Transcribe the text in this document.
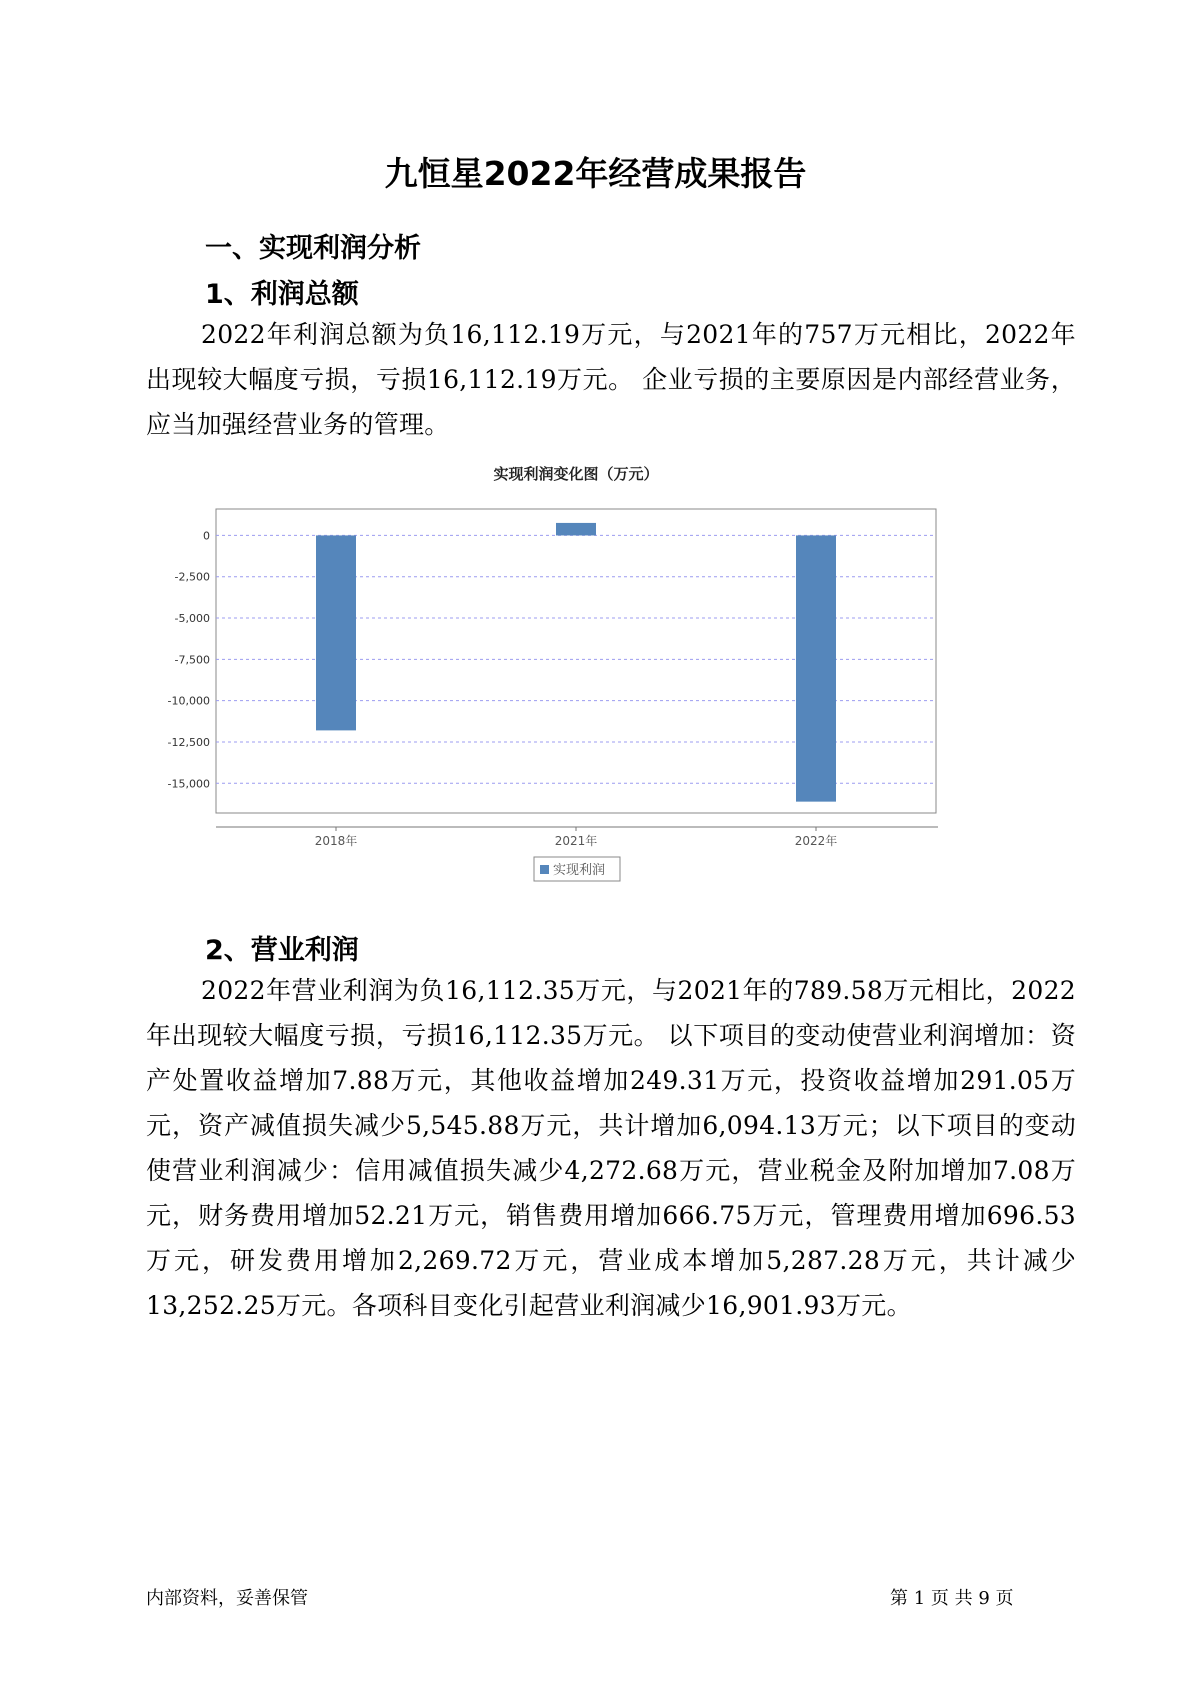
九恒星2022年经营成果报告
一、实现利润分析
1、利润总额

2022年利润总额为负16,112.19万元，与2021年的757万元相比，2022年出现较大幅度亏损，亏损16,112.19万元。 企业亏损的主要原因是内部经营业务，应当加强经营业务的管理。

实现利润变化图（万元）
0
-2,500
-5,000
-7,500
-10,000
-12,500
-15,000
2018年	2021年	2022年
实现利润
2、营业利润

2022年营业利润为负16,112.35万元，与2021年的789.58万元相比，2022年出现较大幅度亏损，亏损16,112.35万元。 以下项目的变动使营业利润增加：资产处置收益增加7.88万元，其他收益增加249.31万元，投资收益增加291.05万元，资产减值损失减少5,545.88万元，共计增加6,094.13万元；以下项目的变动使营业利润减少：信用减值损失减少4,272.68万元，营业税金及附加增加7.08万元，财务费用增加52.21万元，销售费用增加666.75万元，管理费用增加696.53万元，研发费用增加2,269.72万元，营业成本增加5,287.28万元，共计减少13,252.25万元。各项科目变化引起营业利润减少16,901.93万元。

内部资料，妥善保管	第 1 页 共 9 页
